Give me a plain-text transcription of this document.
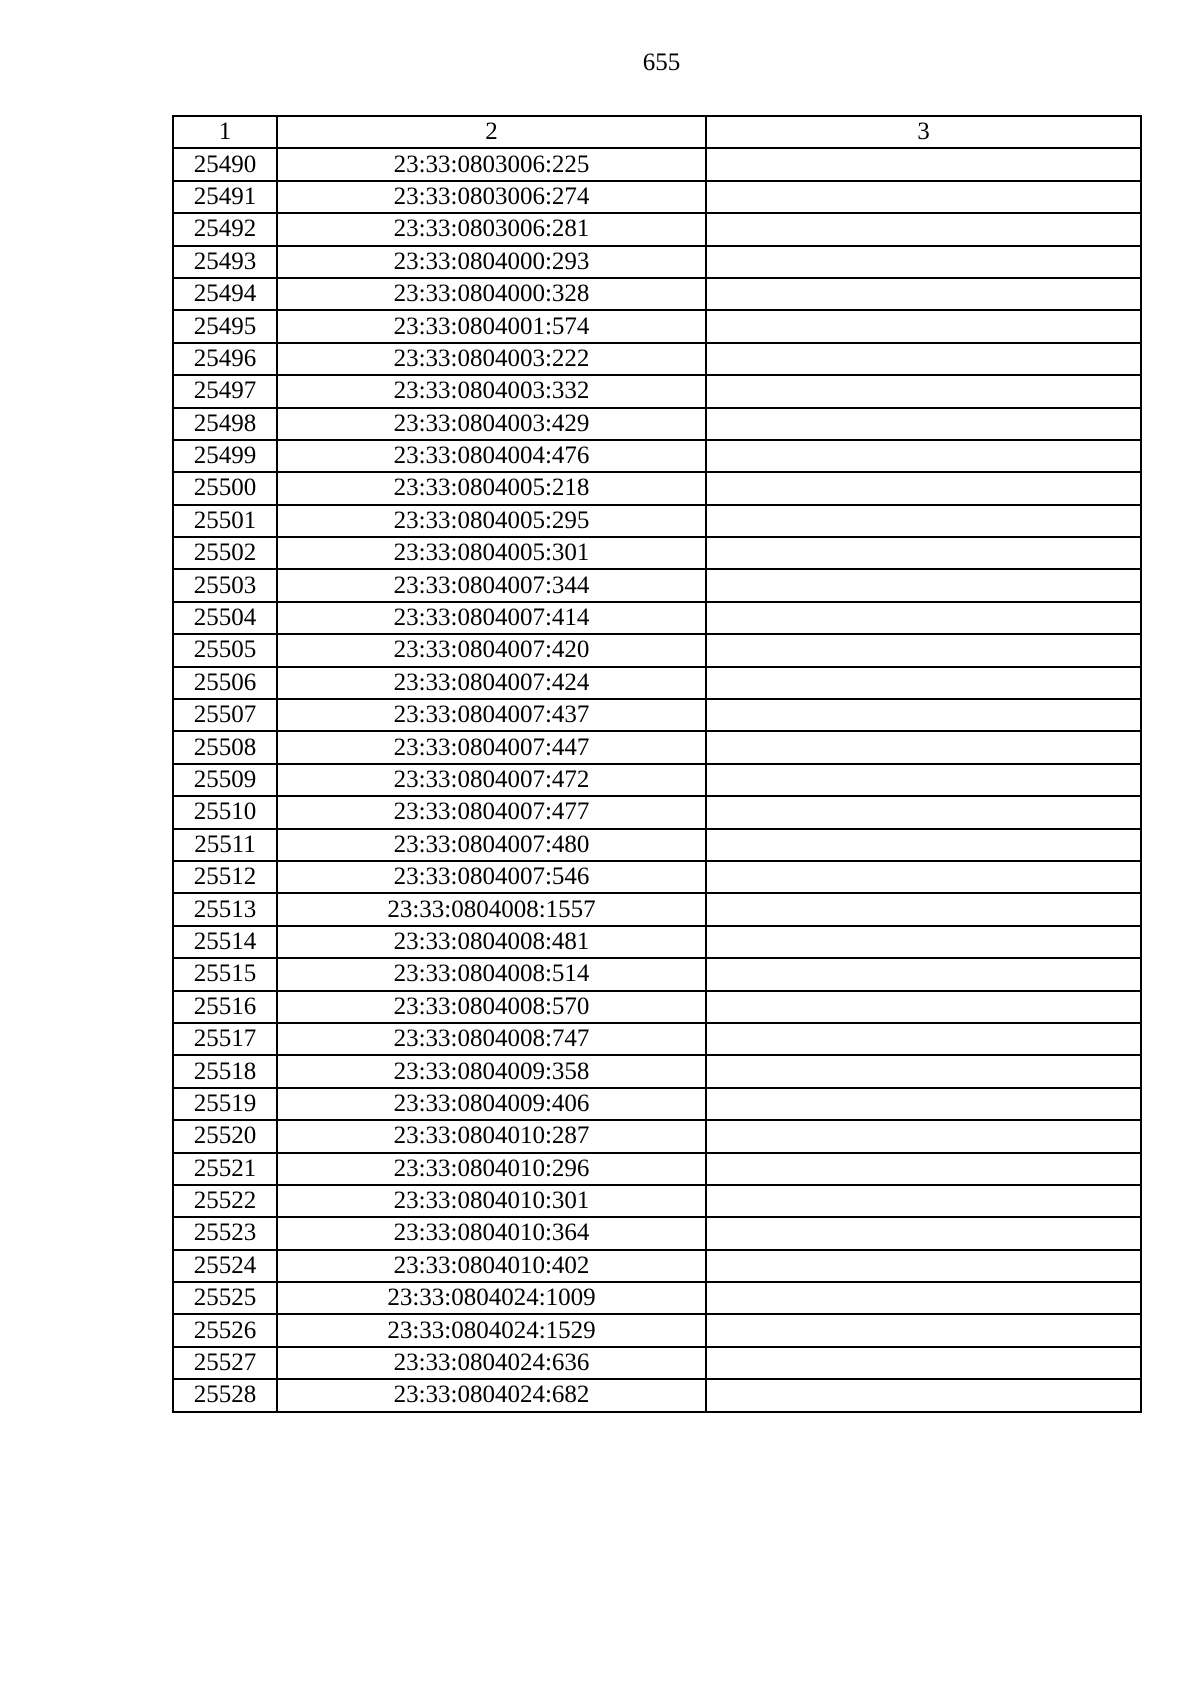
655
1	2	3
25490	23:33:0803006:225	
25491	23:33:0803006:274	
25492	23:33:0803006:281	
25493	23:33:0804000:293	
25494	23:33:0804000:328	
25495	23:33:0804001:574	
25496	23:33:0804003:222	
25497	23:33:0804003:332	
25498	23:33:0804003:429	
25499	23:33:0804004:476	
25500	23:33:0804005:218	
25501	23:33:0804005:295	
25502	23:33:0804005:301	
25503	23:33:0804007:344	
25504	23:33:0804007:414	
25505	23:33:0804007:420	
25506	23:33:0804007:424	
25507	23:33:0804007:437	
25508	23:33:0804007:447	
25509	23:33:0804007:472	
25510	23:33:0804007:477	
25511	23:33:0804007:480	
25512	23:33:0804007:546	
25513	23:33:0804008:1557	
25514	23:33:0804008:481	
25515	23:33:0804008:514	
25516	23:33:0804008:570	
25517	23:33:0804008:747	
25518	23:33:0804009:358	
25519	23:33:0804009:406	
25520	23:33:0804010:287	
25521	23:33:0804010:296	
25522	23:33:0804010:301	
25523	23:33:0804010:364	
25524	23:33:0804010:402	
25525	23:33:0804024:1009	
25526	23:33:0804024:1529	
25527	23:33:0804024:636	
25528	23:33:0804024:682	
